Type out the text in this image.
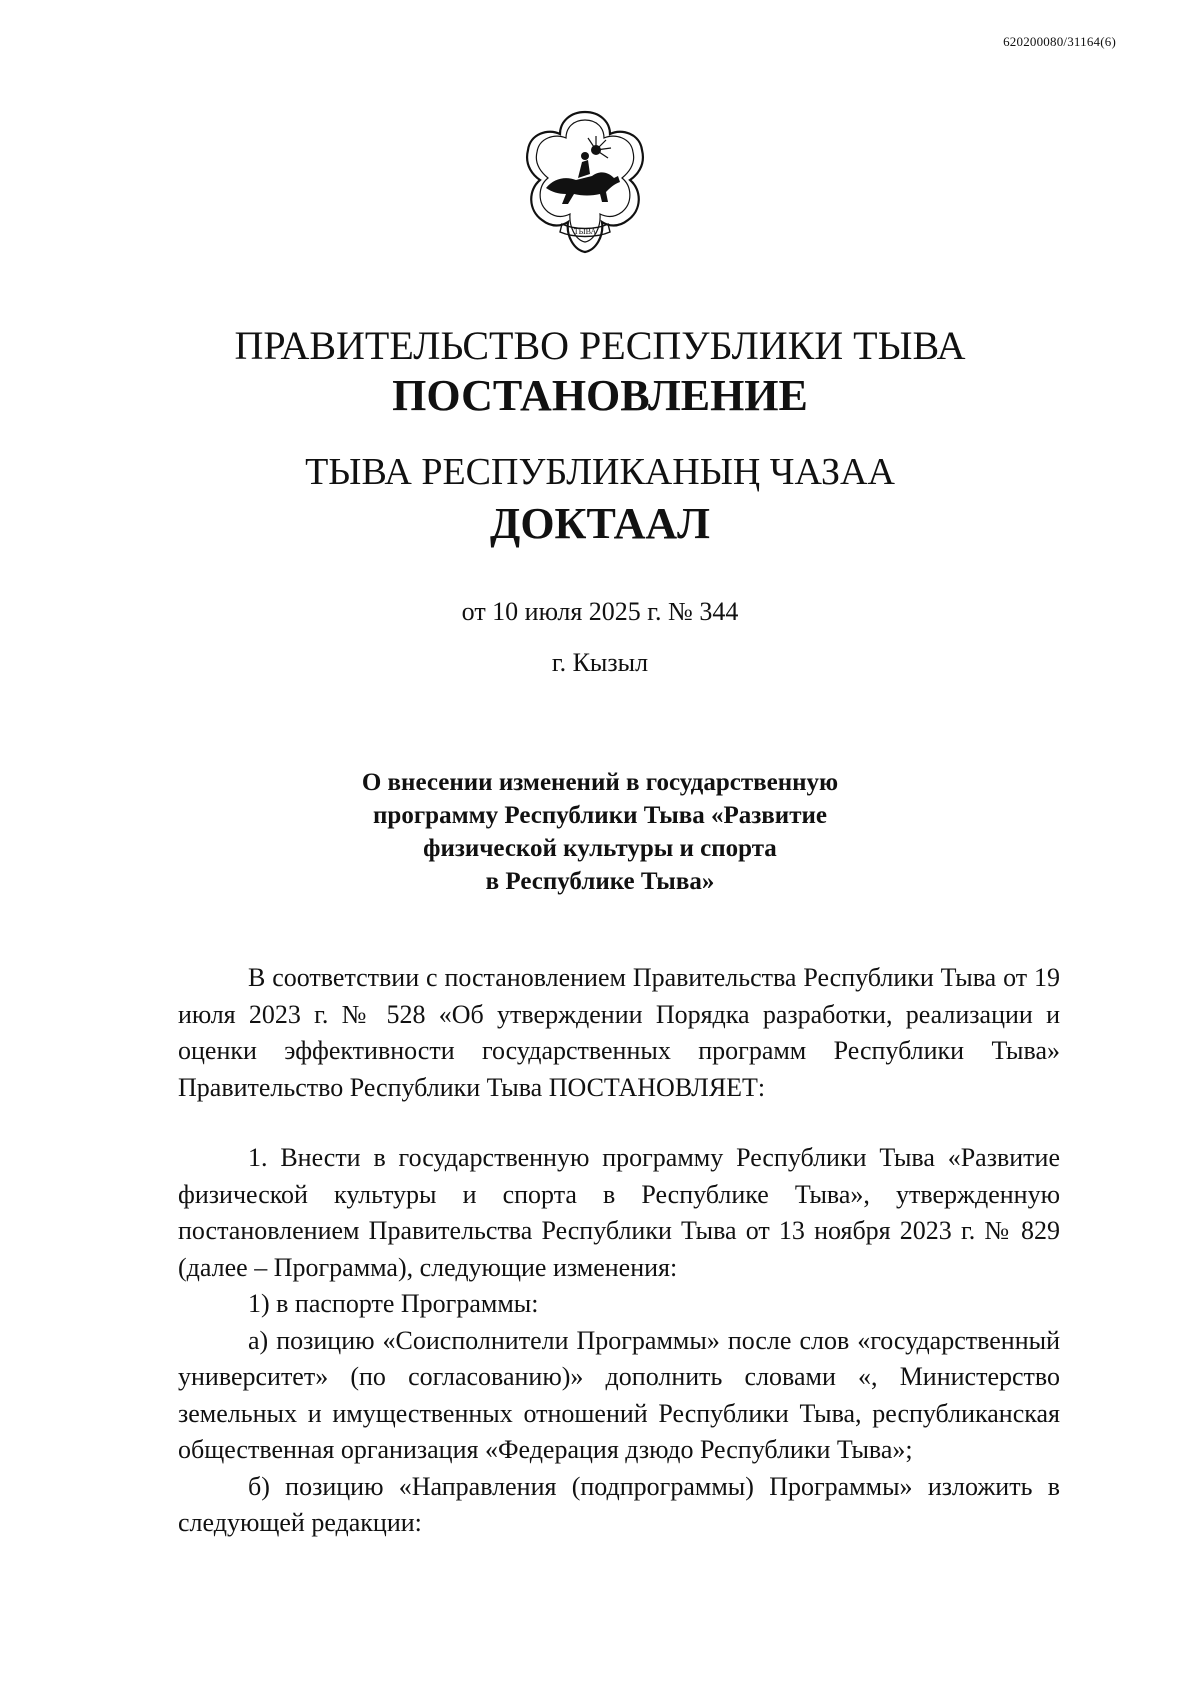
620200080/31164(6)
ТЫВА
ПРАВИТЕЛЬСТВО РЕСПУБЛИКИ ТЫВА
ПОСТАНОВЛЕНИЕ
ТЫВА РЕСПУБЛИКАНЫҢ ЧАЗАА
ДОКТААЛ
от 10 июля 2025 г. № 344
г. Кызыл
О внесении изменений в государственную
программу Республики Тыва «Развитие
физической культуры и спорта
в Республике Тыва»

В соответствии с постановлением Правительства Республики Тыва от 19 июля 2023 г. № 528 «Об утверждении Порядка разработки, реализации и оценки эффективности государственных программ Республики Тыва» Правительство Республики Тыва ПОСТАНОВЛЯЕТ:

1. Внести в государственную программу Республики Тыва «Развитие физической культуры и спорта в Республике Тыва», утвержденную постановлением Правительства Республики Тыва от 13 ноября 2023 г. № 829 (далее – Программа), следующие изменения:

1) в паспорте Программы:

а) позицию «Соисполнители Программы» после слов «государственный университет» (по согласованию)» дополнить словами «, Министерство земельных и имущественных отношений Республики Тыва, республиканская общественная организация «Федерация дзюдо Республики Тыва»;

б) позицию «Направления (подпрограммы) Программы» изложить в следующей редакции:
